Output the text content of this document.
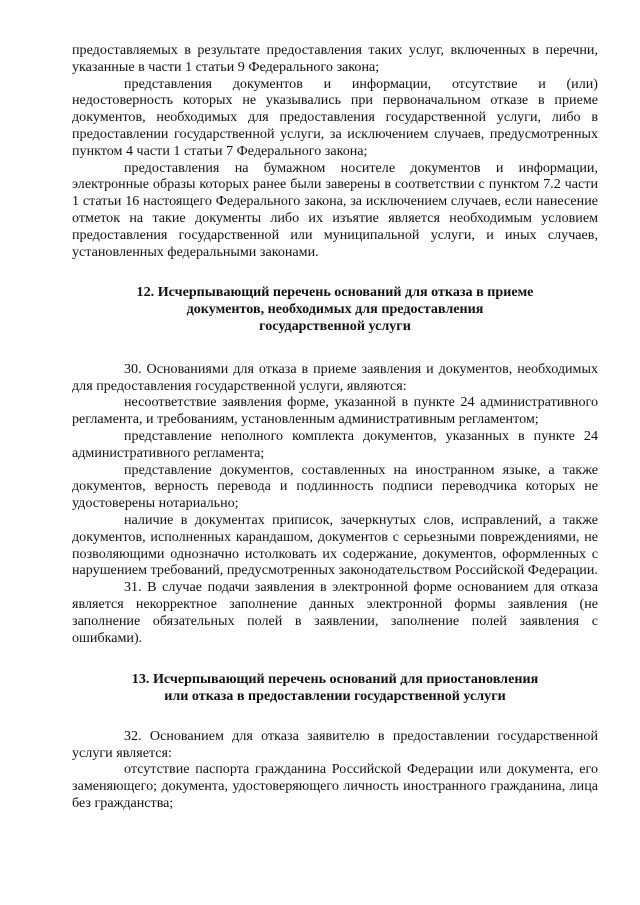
предоставляемых в результате предоставления таких услуг, включенных в перечни, указанные в части 1 статьи 9 Федерального закона;

представления документов и информации, отсутствие и (или) недостоверность которых не указывались при первоначальном отказе в приеме документов, необходимых для предоставления государственной услуги, либо в предоставлении государственной услуги, за исключением случаев, предусмотренных пунктом 4 части 1 статьи 7 Федерального закона;

предоставления на бумажном носителе документов и информации, электронные образы которых ранее были заверены в соответствии с пунктом 7.2 части 1 статьи 16 настоящего Федерального закона, за исключением случаев, если нанесение отметок на такие документы либо их изъятие является необходимым условием предоставления государственной или муниципальной услуги, и иных случаев, установленных федеральными законами.

12. Исчерпывающий перечень оснований для отказа в приеме
документов, необходимых для предоставления
государственной услуги

30. Основаниями для отказа в приеме заявления и документов, необходимых для предоставления государственной услуги, являются:

несоответствие заявления форме, указанной в пункте 24 административного регламента, и требованиям, установленным административным регламентом;

представление неполного комплекта документов, указанных в пункте 24 административного регламента;

представление документов, составленных на иностранном языке, а также документов, верность перевода и подлинность подписи переводчика которых не удостоверены нотариально;

наличие в документах приписок, зачеркнутых слов, исправлений, а также документов, исполненных карандашом, документов с серьезными повреждениями, не позволяющими однозначно истолковать их содержание, документов, оформленных с нарушением требований, предусмотренных законодательством Российской Федерации.

31. В случае подачи заявления в электронной форме основанием для отказа является некорректное заполнение данных электронной формы заявления (не заполнение обязательных полей в заявлении, заполнение полей заявления с ошибками).

13. Исчерпывающий перечень оснований для приостановления
или отказа в предоставлении государственной услуги

32. Основанием для отказа заявителю в предоставлении государственной услуги является:

отсутствие паспорта гражданина Российской Федерации или документа, его заменяющего; документа, удостоверяющего личность иностранного гражданина, лица без гражданства;
